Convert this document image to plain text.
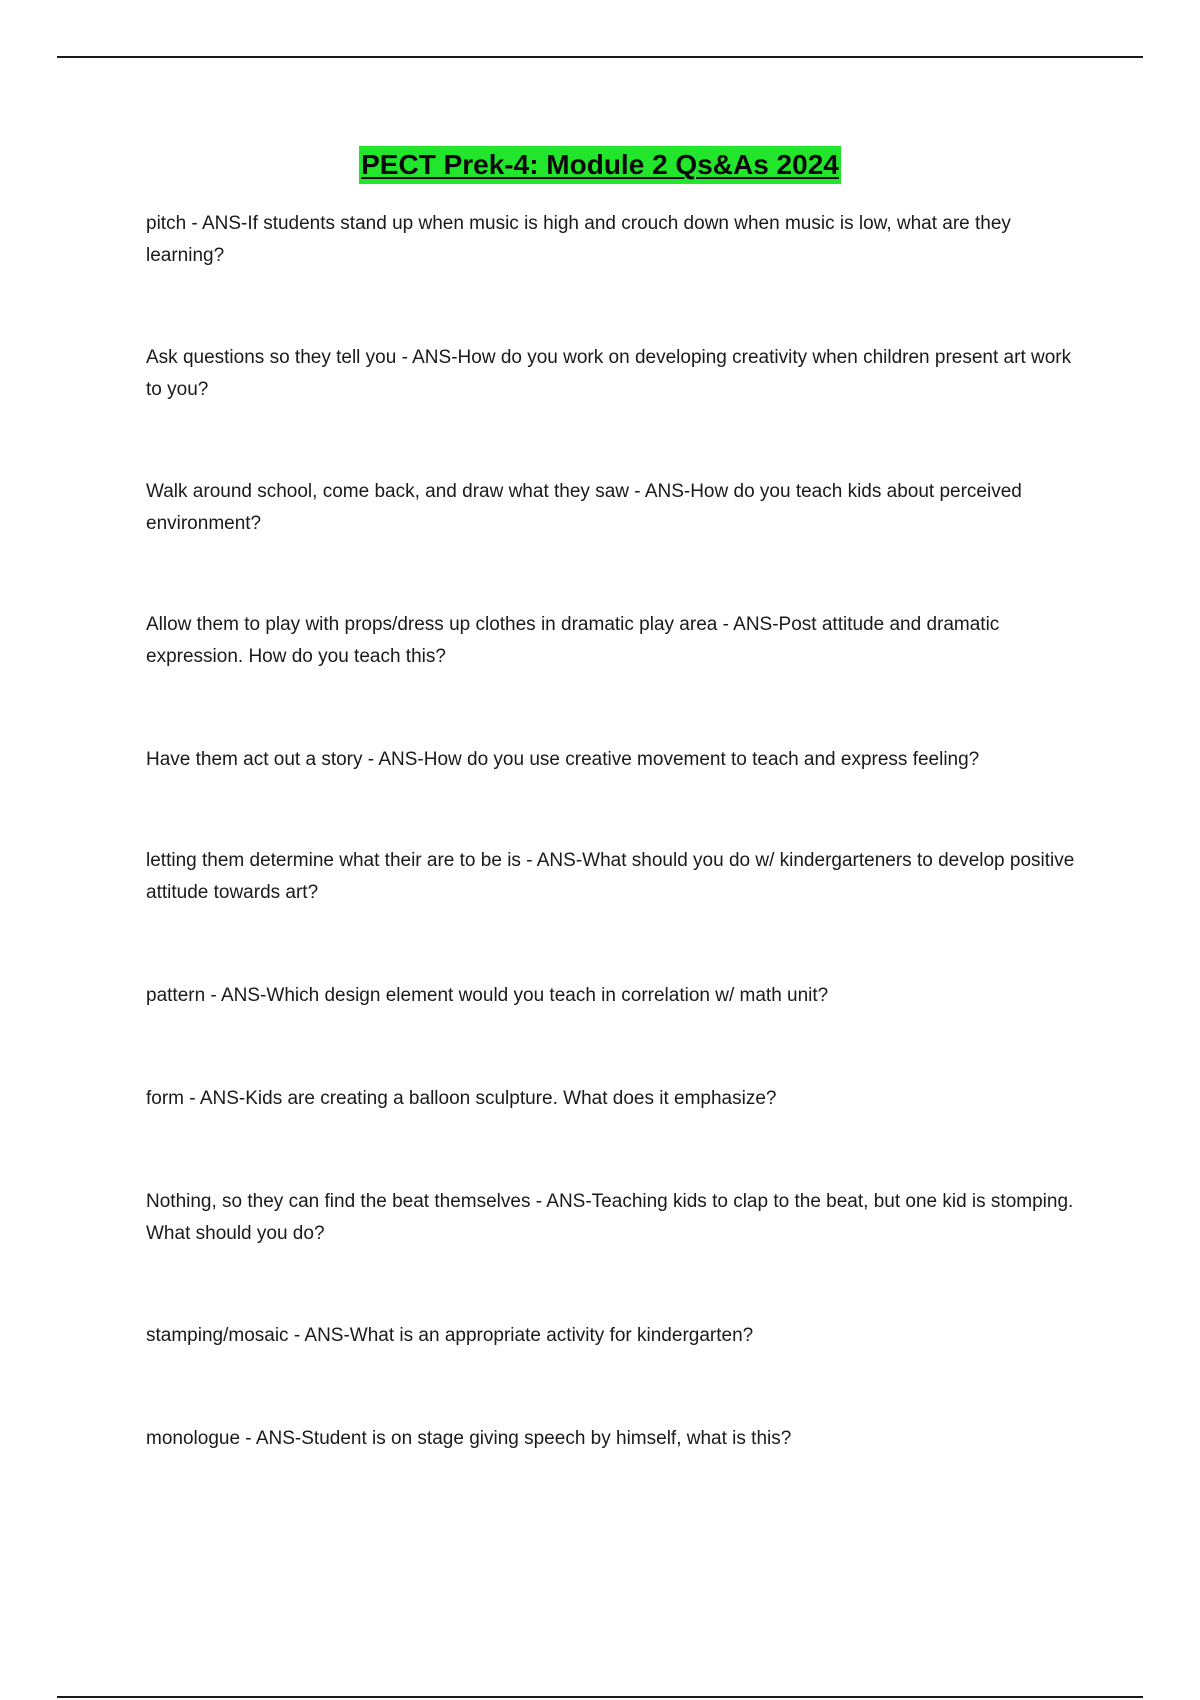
PECT Prek-4: Module 2 Qs&As 2024

pitch - ANS-If students stand up when music is high and crouch down when music is low, what are they learning?

Ask questions so they tell you - ANS-How do you work on developing creativity when children present art work to you?

Walk around school, come back, and draw what they saw - ANS-How do you teach kids about perceived environment?

Allow them to play with props/dress up clothes in dramatic play area - ANS-Post attitude and dramatic expression. How do you teach this?

Have them act out a story - ANS-How do you use creative movement to teach and express feeling?

letting them determine what their are to be is - ANS-What should you do w/ kindergarteners to develop positive attitude towards art?

pattern - ANS-Which design element would you teach in correlation w/ math unit?

form - ANS-Kids are creating a balloon sculpture. What does it emphasize?

Nothing, so they can find the beat themselves - ANS-Teaching kids to clap to the beat, but one kid is stomping. What should you do?

stamping/mosaic - ANS-What is an appropriate activity for kindergarten?

monologue - ANS-Student is on stage giving speech by himself, what is this?
